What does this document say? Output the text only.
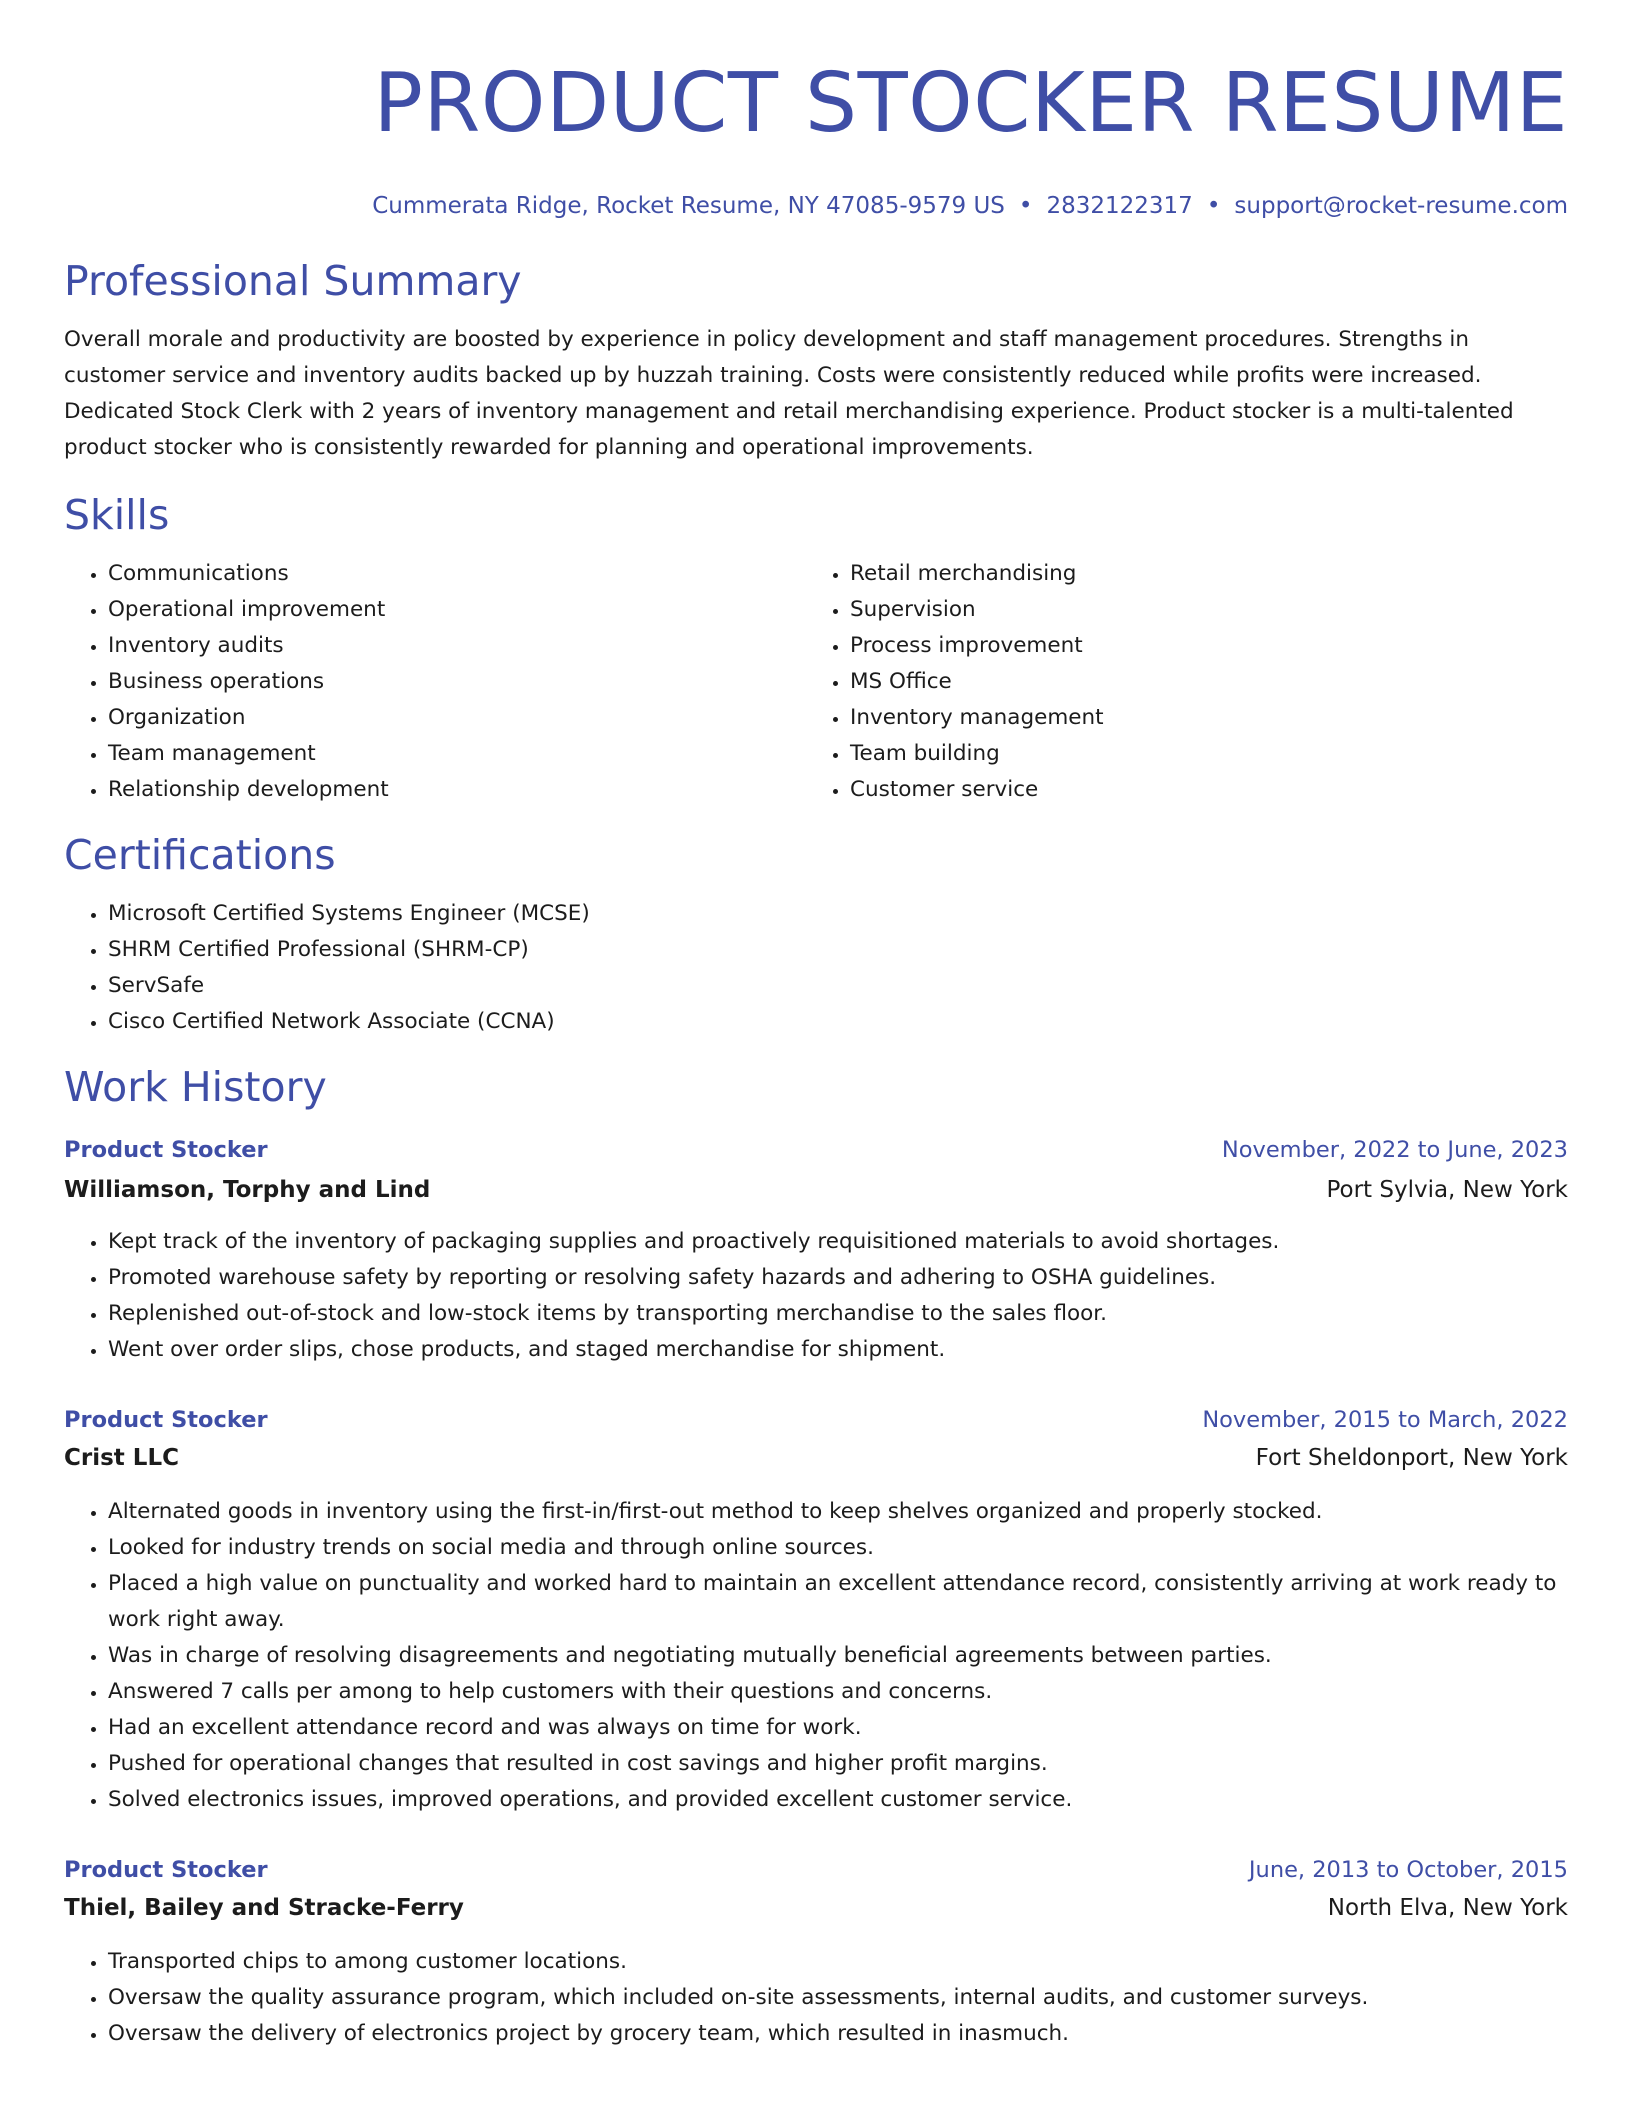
PRODUCT STOCKER RESUME
Cummerata Ridge, Rocket Resume, NY 47085-9579 US • 2832122317 • support@rocket-resume.com
Professional Summary

Overall morale and productivity are boosted by experience in policy development and staff management procedures. Strengths in customer service and inventory audits backed up by huzzah training. Costs were consistently reduced while profits were increased. Dedicated Stock Clerk with 2 years of inventory management and retail merchandising experience. Product stocker is a multi-talented product stocker who is consistently rewarded for planning and operational improvements.

Skills
• Communications
• Operational improvement
• Inventory audits
• Business operations
• Organization
• Team management
• Relationship development
• Retail merchandising
• Supervision
• Process improvement
• MS Office
• Inventory management
• Team building
• Customer service
Certifications
• Microsoft Certified Systems Engineer (MCSE)
• SHRM Certified Professional (SHRM-CP)
• ServSafe
• Cisco Certified Network Associate (CCNA)
Work History
Product Stocker	November, 2022 to June, 2023
Williamson, Torphy and Lind	Port Sylvia, New York
• Kept track of the inventory of packaging supplies and proactively requisitioned materials to avoid shortages.
• Promoted warehouse safety by reporting or resolving safety hazards and adhering to OSHA guidelines.
• Replenished out-of-stock and low-stock items by transporting merchandise to the sales floor.
• Went over order slips, chose products, and staged merchandise for shipment.
Product Stocker	November, 2015 to March, 2022
Crist LLC	Fort Sheldonport, New York
• Alternated goods in inventory using the first-in/first-out method to keep shelves organized and properly stocked.
• Looked for industry trends on social media and through online sources.
• Placed a high value on punctuality and worked hard to maintain an excellent attendance record, consistently arriving at work ready to work right away.
• Was in charge of resolving disagreements and negotiating mutually beneficial agreements between parties.
• Answered 7 calls per among to help customers with their questions and concerns.
• Had an excellent attendance record and was always on time for work.
• Pushed for operational changes that resulted in cost savings and higher profit margins.
• Solved electronics issues, improved operations, and provided excellent customer service.
Product Stocker	June, 2013 to October, 2015
Thiel, Bailey and Stracke-Ferry	North Elva, New York
• Transported chips to among customer locations.
• Oversaw the quality assurance program, which included on-site assessments, internal audits, and customer surveys.
• Oversaw the delivery of electronics project by grocery team, which resulted in inasmuch.
